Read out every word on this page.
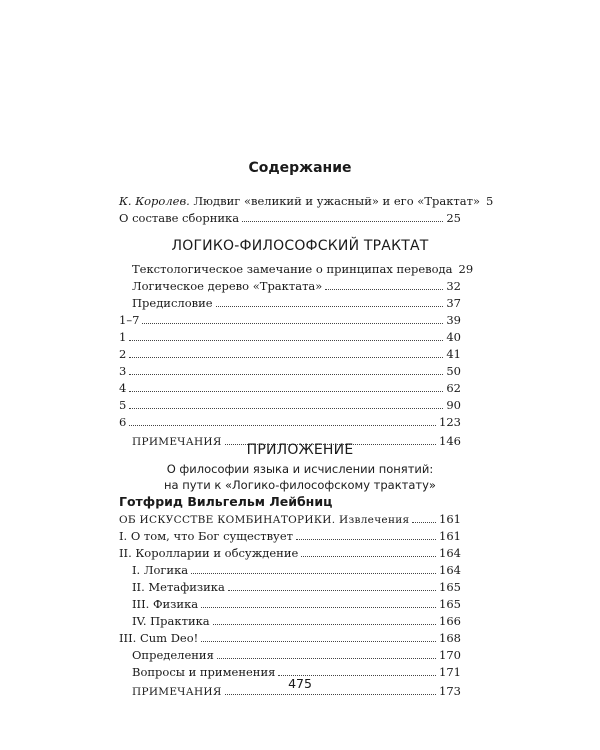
Содержание
К. Королев. Людвиг «великий и ужасный» и его «Трактат» 5
О составе сборника	25
ЛОГИКО-ФИЛОСОФСКИЙ ТРАКТАТ
Текстологическое замечание о принципах перевода 29
Логическое дерево «Трактата»	32
Предисловие	37
1–7	39
1	40
2	41
3	50
4	62
5	90
6	123
ПРИМЕЧАНИЯ	146
ПРИЛОЖЕНИЕ
О философии языка и исчислении понятий:
на пути к «Логико-философскому трактату»
Готфрид Вильгельм Лейбниц
ОБ ИСКУССТВЕ КОМБИНАТОРИКИ. Извлечения	161
I. О том, что Бог существует	161
II. Королларии и обсуждение	164
I. Логика	164
II. Метафизика	165
III. Физика	165
IV. Практика	166
III. Cum Deo!	168
Определения	170
Вопросы и применения	171
ПРИМЕЧАНИЯ	173
475
